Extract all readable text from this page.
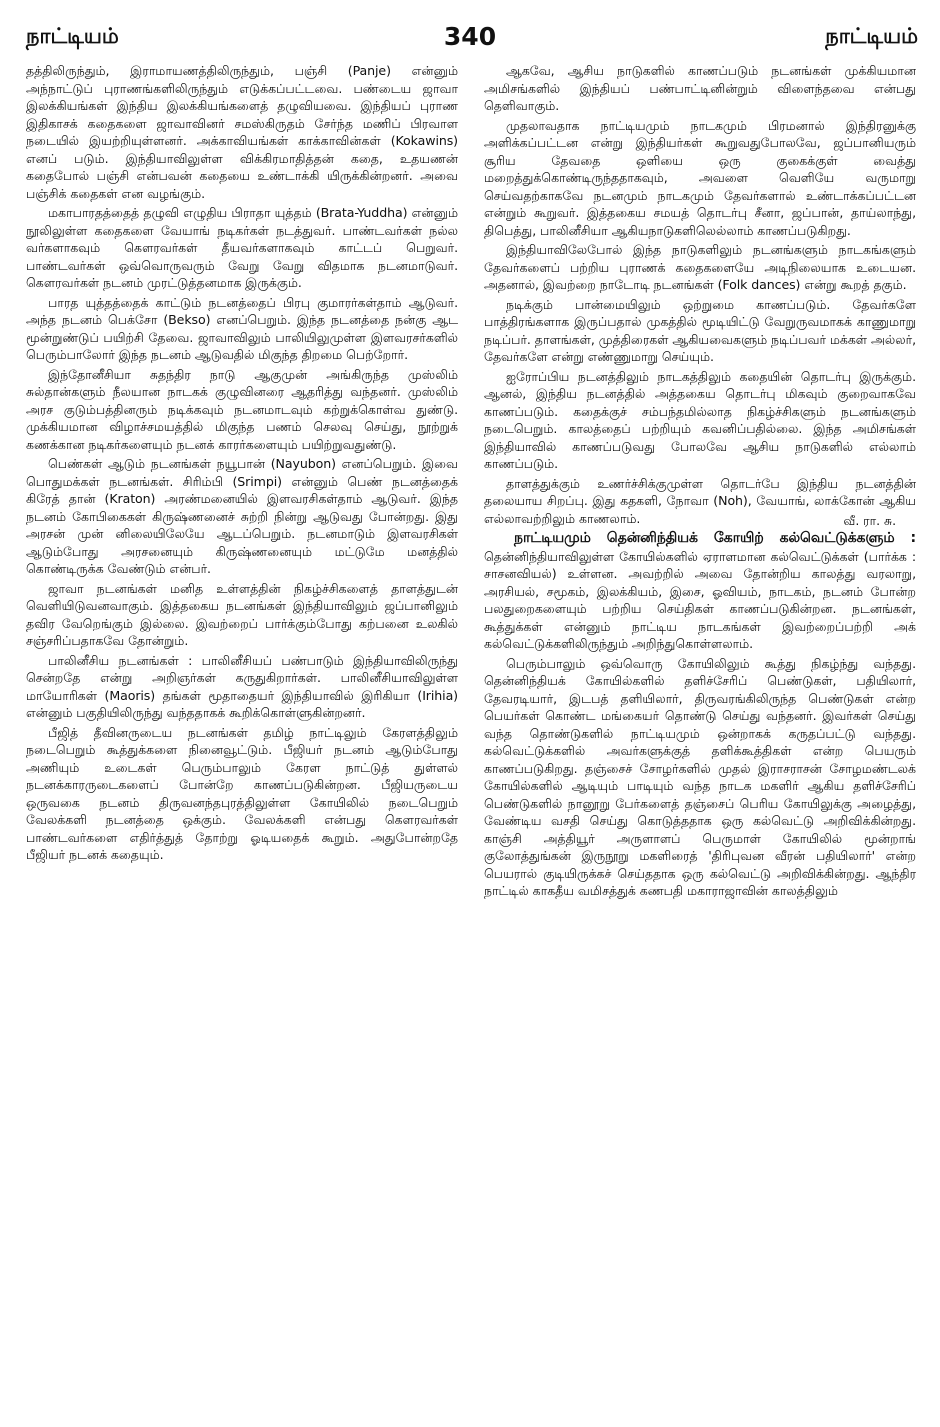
நாட்டியம்	340	நாட்டியம்

தத்திலிருந்தும், இராமாயணத்திலிருந்தும், பஞ்சி (Panje) என்னும் அந்நாட்டுப் புராணங்களிலிருந்தும் எடுக்கப்பட்டவை. பண்டைய ஜாவா இலக்கியங்கள் இந்திய இலக்கியங்களைத் தழுவியவை. இந்தியப் புராண இதிகாசக் கதைகளை ஜாவாவினர் சமஸ்கிருதம் சேர்ந்த மணிப் பிரவாள நடையில் இயற்றியுள்ளனர். அக்காவியங்கள் காக்காவின்கள் (Kokawins) எனப் படும். இந்தியாவிலுள்ள விக்கிரமாதித்தன் கதை, உதயணன் கதைபோல் பஞ்சி என்பவன் கதையை உண்டாக்கி யிருக்கின்றனர். அவை பஞ்சிக் கதைகள் என வழங்கும்.

மகாபாரதத்தைத் தழுவி எழுதிய பிராதா யுத்தம் (Brata-Yuddha) என்னும் நூலிலுள்ள கதைகளை வேயாங் நடிகர்கள் நடத்துவர். பாண்டவர்கள் நல்ல வர்களாகவும் கௌரவர்கள் தீயவர்களாகவும் காட்டப் பெறுவர். பாண்டவர்கள் ஒவ்வொருவரும் வேறு வேறு விதமாக நடனமாடுவர். கௌரவர்கள் நடனம் முரட்டுத்தனமாக இருக்கும்.

பாரத யுத்தத்தைக் காட்டும் நடனத்தைப் பிரபு குமாரர்கள்தாம் ஆடுவர். அந்த நடனம் பெக்சோ (Bekso) எனப்பெறும். இந்த நடனத்தை நன்கு ஆட மூன்றுண்டுப் பயிற்சி தேவை. ஜாவாவிலும் பாலியிலுமுள்ள இளவரசர்களில் பெரும்பாலோர் இந்த நடனம் ஆடுவதில் மிகுந்த திறமை பெற்றோர்.

இந்தோனீசியா சுதந்திர நாடு ஆகுமுன் அங்கிருந்த முஸ்லிம் சுல்தான்களும் நீலயான நாடகக் குழுவினரை ஆதரித்து வந்தனர். முஸ்லிம் அரச குடும்பத்தினரும் நடிக்கவும் நடனமாடவும் கற்றுக்கொள்வ துண்டு. முக்கியமான விழாச்சமயத்தில் மிகுந்த பணம் செலவு செய்து, நூற்றுக் கணக்கான நடிகர்களையும் நடனக் காரர்களையும் பயிற்றுவதுண்டு.

பெண்கள் ஆடும் நடனங்கள் நயூபான் (Nayubon) எனப்பெறும். இவை பொதுமக்கள் நடனங்கள். சிரிம்பி (Srimpi) என்னும் பெண் நடனத்தைக் கிரேத் தான் (Kraton) அரண்மனையில் இளவரசிகள்தாம் ஆடுவர். இந்த நடனம் கோபிகைகள் கிருஷ்ணனைச் சுற்றி நின்று ஆடுவது போன்றது. இது அரசன் முன் னிலையிலேயே ஆடப்பெறும். நடனமாடும் இளவரசிகள் ஆடும்போது அரசனையும் கிருஷ்ணனையும் மட்டுமே மனத்தில் கொண்டிருக்க வேண்டும் என்பர்.

ஜாவா நடனங்கள் மனித உள்ளத்தின் நிகழ்ச்சிகளைத் தாளத்துடன் வெளியிடுவனவாகும். இத்தகைய நடனங்கள் இந்தியாவிலும் ஜப்பானிலும் தவிர வேறெங்கும் இல்லை. இவற்றைப் பார்க்கும்போது கற்பனை உலகில் சஞ்சரிப்பதாகவே தோன்றும்.

பாலினீசிய நடனங்கள் : பாலினீசியப் பண்பாடும் இந்தியாவிலிருந்து சென்றதே என்று அறிஞர்கள் கருதுகிறார்கள். பாலினீசியாவிலுள்ள மாயோரிகள் (Maoris) தங்கள் மூதாதையர் இந்தியாவில் இரிகியா (Irihia) என்னும் பகுதியிலிருந்து வந்ததாகக் கூறிக்கொள்ளுகின்றனர்.

பீஜித் தீவினருடைய நடனங்கள் தமிழ் நாட்டிலும் கேரளத்திலும் நடைபெறும் கூத்துக்களை நினைவூட்டும். பீஜியர் நடனம் ஆடும்போது அணியும் உடைகள் பெரும்பாலும் கேரள நாட்டுத் துள்ளல் நடனக்காரருடைகளைப் போன்றே காணப்படுகின்றன. பீஜியருடைய ஒருவகை நடனம் திருவனந்தபுரத்திலுள்ள கோயிலில் நடைபெறும் வேலக்களி நடனத்தை ஒக்கும். வேலக்களி என்பது கௌரவர்கள் பாண்டவர்களை எதிர்த்துத் தோற்று ஓடியதைக் கூறும். அதுபோன்றதே பீஜியர் நடனக் கதையும்.

ஆகவே, ஆசிய நாடுகளில் காணப்படும் நடனங்கள் முக்கியமான அமிசங்களில் இந்தியப் பண்பாட்டினின்றும் விளைந்தவை என்பது தெளிவாகும்.

முதலாவதாக நாட்டியமும் நாடகமும் பிரமனால் இந்திரனுக்கு அளிக்கப்பட்டன என்று இந்தியர்கள் கூறுவதுபோலவே, ஜப்பானியரும் சூரிய தேவதை ஒளியை ஒரு குகைக்குள் வைத்து மறைத்துக்கொண்டிருந்ததாகவும், அவளை வெளியே வருமாறு செய்வதற்காகவே நடனமும் நாடகமும் தேவர்களால் உண்டாக்கப்பட்டன என்றும் கூறுவர். இத்தகைய சமயத் தொடர்பு சீனா, ஜப்பான், தாய்லாந்து, திபெத்து, பாலினீசியா ஆகியநாடுகளிலெல்லாம் காணப்படுகிறது.

இந்தியாவிலேபோல் இந்த நாடுகளிலும் நடனங்களும் நாடகங்களும் தேவர்களைப் பற்றிய புராணக் கதைகளையே அடிநிலையாக உடையன. அதனால், இவற்றை நாடோடி நடனங்கள் (Folk dances) என்று கூறத் தகும்.

நடிக்கும் பான்மையிலும் ஒற்றுமை காணப்படும். தேவர்களே பாத்திரங்களாக இருப்பதால் முகத்தில் மூடியிட்டு வேறுருவமாகக் காணுமாறு நடிப்பர். தாளங்கள், முத்திரைகள் ஆகியவைகளும் நடிப்பவர் மக்கள் அல்லர், தேவர்களே என்று எண்ணுமாறு செய்யும்.

ஐரோப்பிய நடனத்திலும் நாடகத்திலும் கதையின் தொடர்பு இருக்கும். ஆனல், இந்திய நடனத்தில் அத்தகைய தொடர்பு மிகவும் குறைவாகவே காணப்படும். கதைக்குச் சம்பந்தமில்லாத நிகழ்ச்சிகளும் நடனங்களும் நடைபெறும். காலத்தைப் பற்றியும் கவனிப்பதில்லை. இந்த அமிசங்கள் இந்தியாவில் காணப்படுவது போலவே ஆசிய நாடுகளில் எல்லாம் காணப்படும்.

தாளத்துக்கும் உணர்ச்சிக்குமுள்ள தொடர்பே இந்திய நடனத்தின் தலையாய சிறப்பு. இது கதகளி, நோவா (Noh), வேயாங், லாக்கோன் ஆகிய எல்லாவற்றிலும் காணலாம்.	வீ. ரா. சு.

நாட்டியமும் தென்னிந்தியக் கோயிற் கல்வெட்டுக்களும் : தென்னிந்தியாவிலுள்ள கோயில்களில் ஏராளமான கல்வெட்டுக்கள் (பார்க்க : சாசனவியல்) உள்ளன. அவற்றில் அவை தோன்றிய காலத்து வரலாறு, அரசியல், சமூகம், இலக்கியம், இசை, ஓவியம், நாடகம், நடனம் போன்ற பலதுறைகளையும் பற்றிய செய்திகள் காணப்படுகின்றன. நடனங்கள், கூத்துக்கள் என்னும் நாட்டிய நாடகங்கள் இவற்றைப்பற்றி அக் கல்வெட்டுக்களிலிருந்தும் அறிந்துகொள்ளலாம்.

பெரும்பாலும் ஒவ்வொரு கோயிலிலும் கூத்து நிகழ்ந்து வந்தது. தென்னிந்தியக் கோயில்களில் தளிச்சேரிப் பெண்டுகள், பதியிலார், தேவரடியார், இடபத் தளியிலார், திருவரங்கிலிருந்த பெண்டுகள் என்ற பெயர்கள் கொண்ட மங்கையர் தொண்டு செய்து வந்தனர். இவர்கள் செய்து வந்த தொண்டுகளில் நாட்டியமும் ஒன்றாகக் கருதப்பட்டு வந்தது. கல்வெட்டுக்களில் அவர்களுக்குத் தளிக்கூத்திகள் என்ற பெயரும் காணப்படுகிறது. தஞ்சைச் சோழர்களில் முதல் இராசராசன் சோழமண்டலக் கோயில்களில் ஆடியும் பாடியும் வந்த நாடக மகளிர் ஆகிய தளிச்சேரிப் பெண்டுகளில் நானூறு பேர்களைத் தஞ்சைப் பெரிய கோயிலுக்கு அழைத்து, வேண்டிய வசதி செய்து கொடுத்ததாக ஒரு கல்வெட்டு அறிவிக்கின்றது. காஞ்சி அத்தியூர் அருளாளப் பெருமாள் கோயிலில் மூன்றாங் குலோத்துங்கன் இருநூறு மகளிரைத் 'திரிபுவன வீரன் பதியிலார்' என்ற பெயரால் குடியிருக்கச் செய்ததாக ஒரு கல்வெட்டு அறிவிக்கின்றது. ஆந்திர நாட்டில் காகதீய வமிசத்துக் கணபதி மகாராஜாவின் காலத்திலும்
